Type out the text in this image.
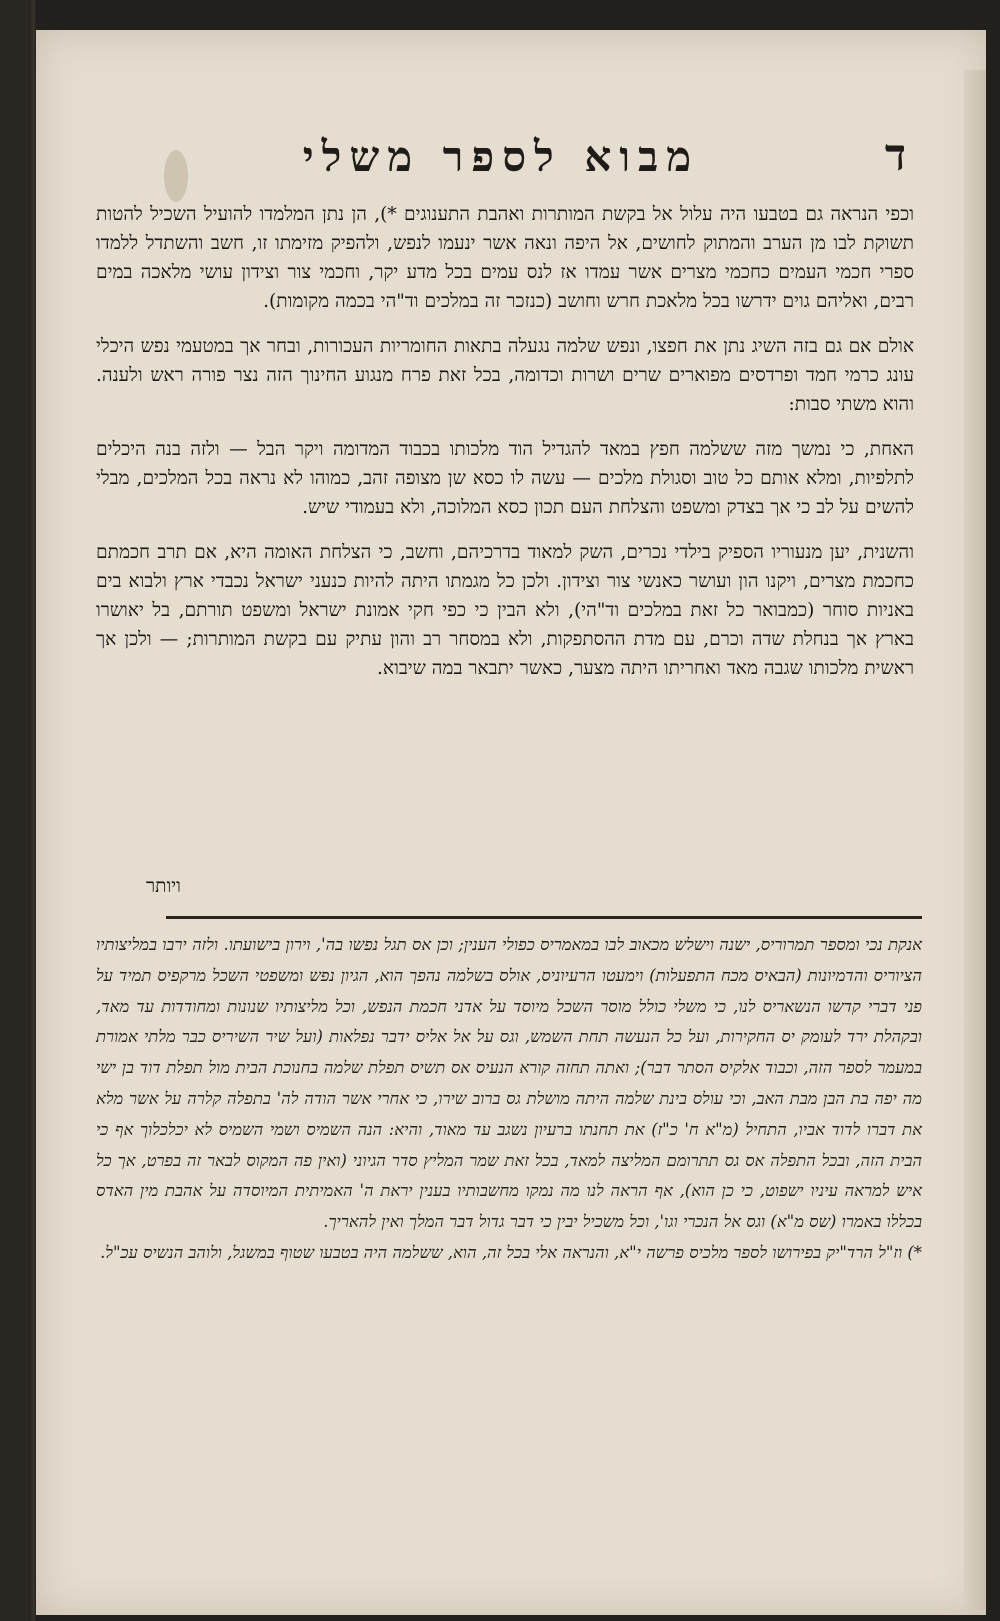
ד
מבוא לספר משלי

וכפי הנראה גם בטבעו היה עלול אל בקשת המותרות ואהבת התענוגים *), הן נתן המלמדו להועיל השכיל להטות תשוקת לבו מן הערב והמתוק לחושים, אל היפה ונאה אשר ינעמו לנפש, ולהפיק מזימתו זו, חשב והשתדל ללמדו ספרי חכמי העמים כחכמי מצרים אשר עמדו אז לנס עמים בכל מדע יקר, וחכמי צור וצידון עושי מלאכה במים רבים, ואליהם גוים ידרשו בכל מלאכת חרש וחושב (כנזכר זה במלכים וד"הי בכמה מקומות).

אולם אם גם בזה השיג נתן את חפצו, ונפש שלמה נגעלה בתאות החומריות העכורות, ובחר אך במטעמי נפש היכלי עונג כרמי חמד ופרדסים מפוארים שרים ושרות וכדומה, בכל זאת פרח מנגוע החינוך הזה נצר פורה ראש ולענה. והוא משתי סבות:

האחת, כי נמשך מזה ששלמה חפץ במאד להגדיל הוד מלכותו בכבוד המדומה ויקר הבל — ולזה בנה היכלים לתלפיות, ומלא אותם כל טוב וסגולת מלכים — עשה לו כסא שן מצופה זהב, כמוהו לא נראה בכל המלכים, מבלי להשים על לב כי אך בצדק ומשפט והצלחת העם תכון כסא המלוכה, ולא בעמודי שיש.

והשנית, יען מנעוריו הספיק בילדי נכרים, השק למאוד בדרכיהם, וחשב, כי הצלחת האומה היא, אם תרב חכמתם כחכמת מצרים, ויקנו הון ועושר כאנשי צור וצידון. ולכן כל מגמתו היתה להיות כנעני ישראל נכבדי ארץ ולבוא בים באניות סוחר (כמבואר כל זאת במלכים וד"הי), ולא הבין כי כפי חקי אמונת ישראל ומשפט תורתם, בל יאושרו בארץ אך בנחלת שדה וכרם, עם מדת ההסתפקות, ולא במסחר רב והון עתיק עם בקשת המותרות; — ולכן אך ראשית מלכותו שגבה מאד ואחריתו היתה מצער, כאשר יתבאר במה שיבוא.

ויותר

אנקת נכי ומספר תמרוריס, ישנה וישלש מכאוב לבו במאמריס כפולי הענין; וכן אס תגל נפשו בה', וירון בישועתו. ולזה ירבו במליצותיו הציוריס והדמיונות (הבאיס מכח התפעלות) וימעטו הרעיוניס, אולס בשלמה נהפך הוא, הגיון נפש ומשפטי השכל מרקפיס תמיד על פני דברי קדשו הנשאריס לנו, כי משלי כולל מוסר השכל מיוסד על אדני חכמת הנפש, וכל מליצותיו שנונות ומחודדות עד מאד, ובקהלת ירד לעומק יס החקירות, ועל כל הנעשה תחת השמש, וגס על אל אליס ידבר נפלאות (ועל שיר השיריס כבר מלתי אמורת במעמר לספר הזה, וכבוד אלקיס הסתר דבר); ואתה תחזה קורא הנעיס אס תשיס תפלת שלמה בחנוכת הבית מול תפלת דוד בן ישי מה יפה בת הבן מבת האב, וכי עולס בינת שלמה היתה מושלת גס ברוב שירו, כי אחרי אשר הודה לה' בתפלה קלרה על אשר מלא את דברו לדוד אביו, התחיל (מ"א ח' כ"ז) את תחנתו ברעיון נשגב עד מאוד, והיא: הנה השמיס ושמי השמיס לא יכלכלוך אף כי הבית הזה, ובכל התפלה אס גס תתרומם המליצה למאד, בכל זאת שמר המליץ סדר הגיוני (ואין פה המקוס לבאר זה בפרט, אך כל איש למראה עיניו ישפוט, כי כן הוא), אף הראה לנו מה נמקו מחשבותיו בענין יראת ה' האמיתית המיוסדה על אהבת מין האדס בכללו באמרו (שס מ"א) וגס אל הנכרי וגו', וכל משכיל יבין כי דבר גדול דבר המלך ואין להאריך.

*) וז"ל הרד"יק בפירושו לספר מלכיס פרשה י"א, והנראה אלי בכל זה, הוא, ששלמה היה בטבעו שטוף במשגל, ולוהב הנשיס עכ"ל.
